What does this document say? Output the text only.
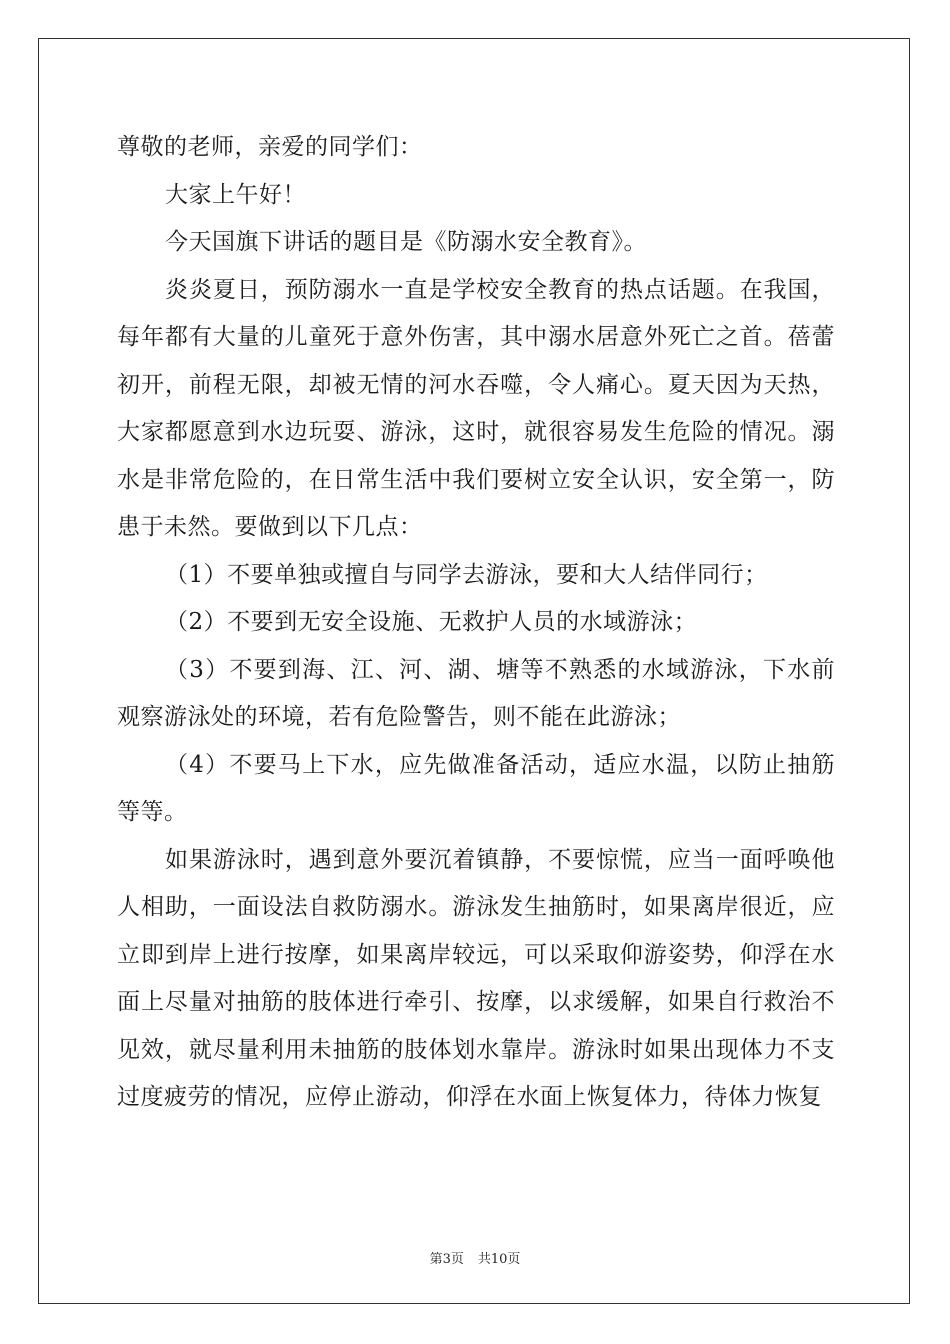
尊敬的老师，亲爱的同学们：

大家上午好！

今天国旗下讲话的题目是《防溺水安全教育》。

炎炎夏日，预防溺水一直是学校安全教育的热点话题。在我国，每年都有大量的儿童死于意外伤害，其中溺水居意外死亡之首。蓓蕾初开，前程无限，却被无情的河水吞噬，令人痛心。夏天因为天热，大家都愿意到水边玩耍、游泳，这时，就很容易发生危险的情况。溺水是非常危险的，在日常生活中我们要树立安全认识，安全第一，防患于未然。要做到以下几点：

（1）不要单独或擅自与同学去游泳，要和大人结伴同行；

（2）不要到无安全设施、无救护人员的水域游泳；

（3）不要到海、江、河、湖、塘等不熟悉的水域游泳，下水前观察游泳处的环境，若有危险警告，则不能在此游泳；

（4）不要马上下水，应先做准备活动，适应水温，以防止抽筋等等。

如果游泳时，遇到意外要沉着镇静，不要惊慌，应当一面呼唤他人相助，一面设法自救防溺水。游泳发生抽筋时，如果离岸很近，应立即到岸上进行按摩，如果离岸较远，可以采取仰游姿势，仰浮在水面上尽量对抽筋的肢体进行牵引、按摩，以求缓解，如果自行救治不见效，就尽量利用未抽筋的肢体划水靠岸。游泳时如果出现体力不支过度疲劳的情况，应停止游动，仰浮在水面上恢复体力，待体力恢复

第3页 共10页
